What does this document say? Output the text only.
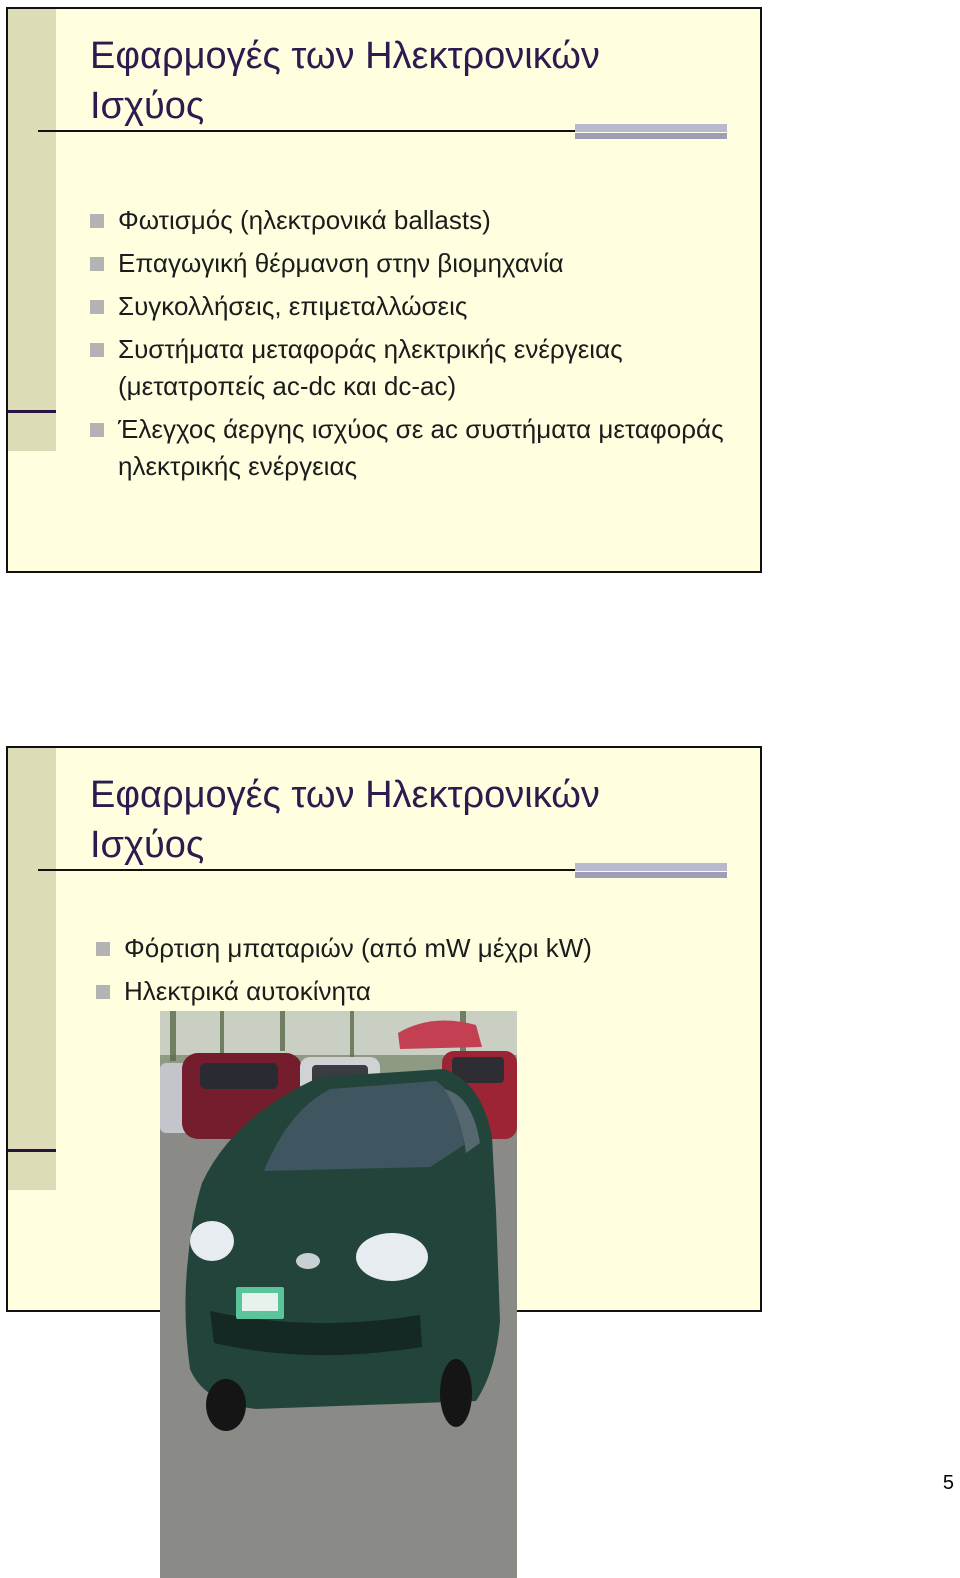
Εφαρμογές των Ηλεκτρονικών
Ισχύος
Φωτισμός (ηλεκτρονικά ballasts)
Επαγωγική θέρμανση στην βιομηχανία
Συγκολλήσεις, επιμεταλλώσεις
Συστήματα μεταφοράς ηλεκτρικής ενέργειας (μετατροπείς ac-dc και dc-ac)
Έλεγχος άεργης ισχύος σε ac συστήματα μεταφοράς ηλεκτρικής ενέργειας
Εφαρμογές των Ηλεκτρονικών
Ισχύος
Φόρτιση μπαταριών (από mW μέχρι kW)
Ηλεκτρικά αυτοκίνητα
5
